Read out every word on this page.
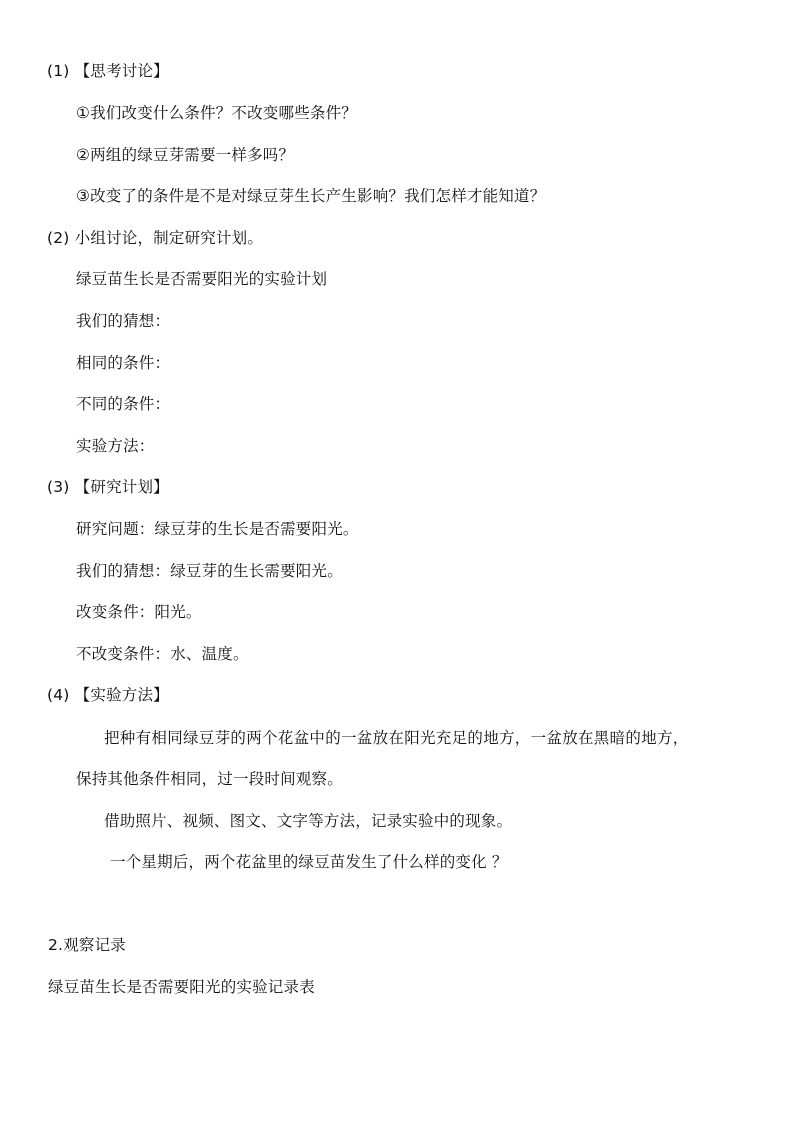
(1) 【思考讨论】
①我们改变什么条件？不改变哪些条件？
②两组的绿豆芽需要一样多吗？
③改变了的条件是不是对绿豆芽生长产生影响？我们怎样才能知道？
(2) 小组讨论，制定研究计划。
绿豆苗生长是否需要阳光的实验计划
我们的猜想：
相同的条件：
不同的条件：
实验方法：
(3) 【研究计划】
研究问题：绿豆芽的生长是否需要阳光。
我们的猜想：绿豆芽的生长需要阳光。
改变条件：阳光。
不改变条件：水、温度。
(4) 【实验方法】
把种有相同绿豆芽的两个花盆中的一盆放在阳光充足的地方，一盆放在黑暗的地方，
保持其他条件相同，过一段时间观察。
借助照片、视频、图文、文字等方法，记录实验中的现象。
一个星期后，两个花盆里的绿豆苗发生了什么样的变化 ？
2.观察记录
绿豆苗生长是否需要阳光的实验记录表
